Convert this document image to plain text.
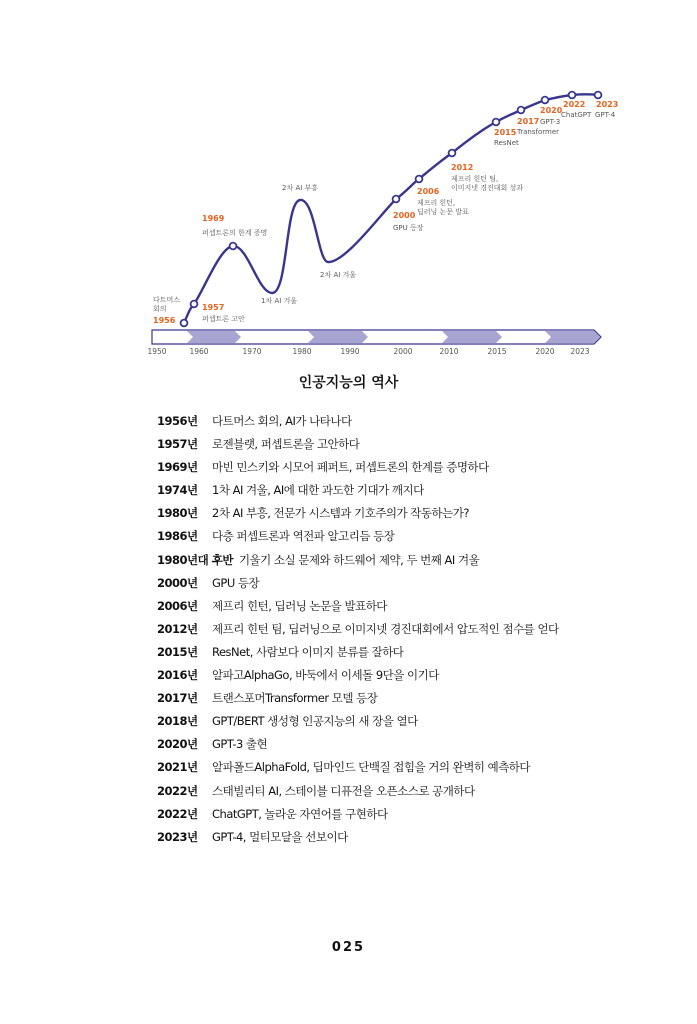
다트머스 회의
1956
1957
퍼셉트론 고안
1969
퍼셉트론의 한계 증명
1차 AI 겨울
2차 AI 부흥
2차 AI 겨울
2000
GPU 등장
2006
제프리 힌턴, 딥러닝 논문 발표
2012
제프리 힌턴 팀, 이미지넷 경진대회 성과
2015
ResNet
2017
Transformer
2020
GPT-3
2022
ChatGPT
2023
GPT-4
1950	1960	1970	1980	1990	2000	2010	2015	2020 2023
인공지능의 역사
1956년	다트머스 회의, AI가 나타나다
1957년	로젠블랫, 퍼셉트론을 고안하다
1969년	마빈 민스키와 시모어 페퍼트, 퍼셉트론의 한계를 증명하다
1974년	1차 AI 겨울, AI에 대한 과도한 기대가 깨지다
1980년	2차 AI 부흥, 전문가 시스템과 기호주의가 작동하는가?
1986년	다층 퍼셉트론과 역전파 알고리듬 등장
1980년대 후반 기울기 소실 문제와 하드웨어 제약, 두 번째 AI 겨울
2000년	GPU 등장
2006년	제프리 힌턴, 딥러닝 논문을 발표하다
2012년	제프리 힌턴 팀, 딥러닝으로 이미지넷 경진대회에서 압도적인 점수를 얻다
2015년	ResNet, 사람보다 이미지 분류를 잘하다
2016년	알파고AlphaGo, 바둑에서 이세돌 9단을 이기다
2017년	트랜스포머Transformer 모델 등장
2018년	GPT/BERT 생성형 인공지능의 새 장을 열다
2020년	GPT-3 출현
2021년	알파폴드AlphaFold, 딥마인드 단백질 접힘을 거의 완벽히 예측하다
2022년	스태빌리티 AI, 스테이블 디퓨전을 오픈소스로 공개하다
2022년	ChatGPT, 놀라운 자연어를 구현하다
2023년	GPT-4, 멀티모달을 선보이다
025
